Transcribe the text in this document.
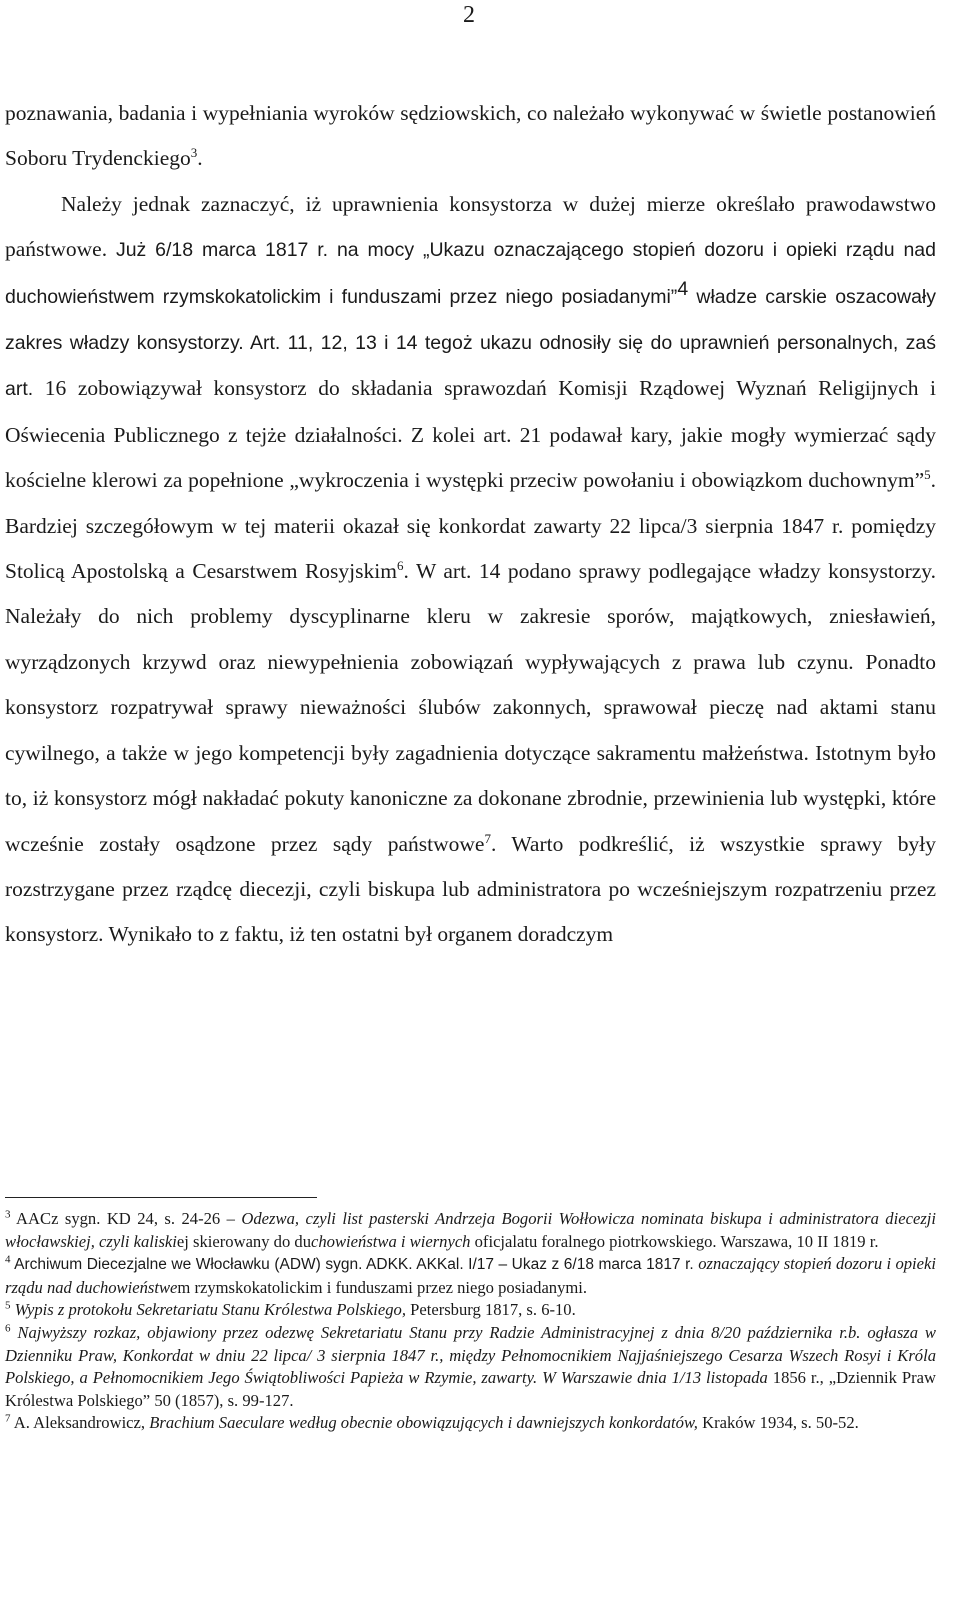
2

poznawania, badania i wypełniania wyroków sędziowskich, co należało wykonywać w świetle postanowień Soboru Trydenckiego$^3$.

Należy jednak zaznaczyć, iż uprawnienia konsystorza w dużej mierze określało prawodawstwo państwowe. Już 6/18 marca 1817 r. na mocy „Ukazu oznaczającego stopień dozoru i opieki rządu nad duchowieństwem rzymskokatolickim i funduszami przez niego posiadanymi”$^4$ władze carskie oszacowały zakres władzy konsystorzy. Art. 11, 12, 13 i 14 tegoż ukazu odnosiły się do uprawnień personalnych, zaś art. 16 zobowiązywał konsystorz do składania sprawozdań Komisji Rządowej Wyznań Religijnych i Oświecenia Publicznego z tejże działalności. Z kolei art. 21 podawał kary, jakie mogły wymierzać sądy kościelne klerowi za popełnione „wykroczenia i występki przeciw powołaniu i obowiązkom duchownym”$^5$. Bardziej szczegółowym w tej materii okazał się konkordat zawarty 22 lipca/3 sierpnia 1847 r. pomiędzy Stolicą Apostolską a Cesarstwem Rosyjskim$^6$. W art. 14 podano sprawy podlegające władzy konsystorzy. Należały do nich problemy dyscyplinarne kleru w zakresie sporów, majątkowych, zniesławień, wyrządzonych krzywd oraz niewypełnienia zobowiązań wypływających z prawa lub czynu. Ponadto konsystorz rozpatrywał sprawy nieważności ślubów zakonnych, sprawował pieczę nad aktami stanu cywilnego, a także w jego kompetencji były zagadnienia dotyczące sakramentu małżeństwa. Istotnym było to, iż konsystorz mógł nakładać pokuty kanoniczne za dokonane zbrodnie, przewinienia lub występki, które wcześnie zostały osądzone przez sądy państwowe$^7$. Warto podkreślić, iż wszystkie sprawy były rozstrzygane przez rządcę diecezji, czyli biskupa lub administratora po wcześniejszym rozpatrzeniu przez konsystorz. Wynikało to z faktu, iż ten ostatni był organem doradczym

$^3$ AACz sygn. KD 24, s. 24-26 – Odezwa, czyli list pasterski Andrzeja Bogorii Wołłowicza nominata biskupa i administratora diecezji włocławskiej, czyli kaliskiej skierowany do duchowieństwa i wiernych oficjalatu foralnego piotrkowskiego. Warszawa, 10 II 1819 r.

$^4$ Archiwum Diecezjalne we Włocławku (ADW) sygn. ADKK. AKKal. I/17 – Ukaz z 6/18 marca 1817 r. oznaczający stopień dozoru i opieki rządu nad duchowieństwem rzymskokatolickim i funduszami przez niego posiadanymi.

$^5$ Wypis z protokołu Sekretariatu Stanu Królestwa Polskiego, Petersburg 1817, s. 6-10.

$^6$ Najwyższy rozkaz, objawiony przez odezwę Sekretariatu Stanu przy Radzie Administracyjnej z dnia 8/20 października r.b. ogłasza w Dzienniku Praw, Konkordat w dniu 22 lipca/ 3 sierpnia 1847 r., między Pełnomocnikiem Najjaśniejszego Cesarza Wszech Rosyi i Króla Polskiego, a Pełnomocnikiem Jego Świątobliwości Papieża w Rzymie, zawarty. W Warszawie dnia 1/13 listopada 1856 r., „Dziennik Praw Królestwa Polskiego” 50 (1857), s. 99-127.

$^7$ A. Aleksandrowicz, Brachium Saeculare według obecnie obowiązujących i dawniejszych konkordatów, Kraków 1934, s. 50-52.
